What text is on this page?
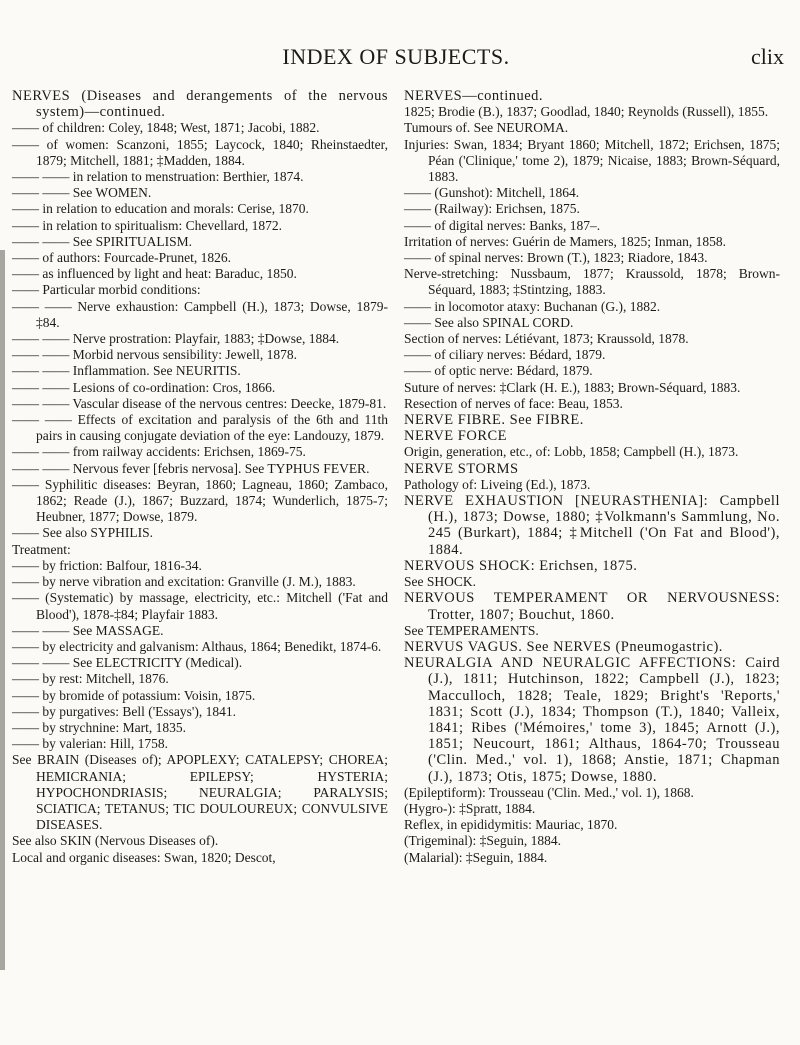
INDEX OF SUBJECTS.	clix

NERVES (Diseases and derangements of the nervous system)—continued.

—— of children: Coley, 1848; West, 1871; Jacobi, 1882.

—— of women: Scanzoni, 1855; Laycock, 1840; Rheinstaedter, 1879; Mitchell, 1881; ‡Madden, 1884.

—— —— in relation to menstruation: Berthier, 1874.

—— —— See WOMEN.

—— in relation to education and morals: Cerise, 1870.

—— in relation to spiritualism: Chevellard, 1872.

—— —— See SPIRITUALISM.

—— of authors: Fourcade-Prunet, 1826.

—— as influenced by light and heat: Baraduc, 1850.

—— Particular morbid conditions:

—— —— Nerve exhaustion: Campbell (H.), 1873; Dowse, 1879-‡84.

—— —— Nerve prostration: Playfair, 1883; ‡Dowse, 1884.

—— —— Morbid nervous sensibility: Jewell, 1878.

—— —— Inflammation. See NEURITIS.

—— —— Lesions of co-ordination: Cros, 1866.

—— —— Vascular disease of the nervous centres: Deecke, 1879-81.

—— —— Effects of excitation and paralysis of the 6th and 11th pairs in causing conjugate deviation of the eye: Landouzy, 1879.

—— —— from railway accidents: Erichsen, 1869-75.

—— —— Nervous fever [febris nervosa]. See TYPHUS FEVER.

—— Syphilitic diseases: Beyran, 1860; Lagneau, 1860; Zambaco, 1862; Reade (J.), 1867; Buzzard, 1874; Wunderlich, 1875-7; Heubner, 1877; Dowse, 1879.

—— See also SYPHILIS.

Treatment:

—— by friction: Balfour, 1816-34.

—— by nerve vibration and excitation: Granville (J. M.), 1883.

—— (Systematic) by massage, electricity, etc.: Mitchell ('Fat and Blood'), 1878-‡84; Playfair 1883.

—— —— See MASSAGE.

—— by electricity and galvanism: Althaus, 1864; Benedikt, 1874-6.

—— —— See ELECTRICITY (Medical).

—— by rest: Mitchell, 1876.

—— by bromide of potassium: Voisin, 1875.

—— by purgatives: Bell ('Essays'), 1841.

—— by strychnine: Mart, 1835.

—— by valerian: Hill, 1758.

See BRAIN (Diseases of); APOPLEXY; CATALEPSY; CHOREA; HEMICRANIA; EPILEPSY; HYSTERIA; HYPOCHONDRIASIS; NEURALGIA; PARALYSIS; SCIATICA; TETANUS; TIC DOULOUREUX; CONVULSIVE DISEASES.

See also SKIN (Nervous Diseases of).

Local and organic diseases: Swan, 1820; Descot,

NERVES—continued.

1825; Brodie (B.), 1837; Goodlad, 1840; Reynolds (Russell), 1855.

Tumours of. See NEUROMA.

Injuries: Swan, 1834; Bryant 1860; Mitchell, 1872; Erichsen, 1875; Péan ('Clinique,' tome 2), 1879; Nicaise, 1883; Brown-Séquard, 1883.

—— (Gunshot): Mitchell, 1864.

—— (Railway): Erichsen, 1875.

—— of digital nerves: Banks, 187–.

Irritation of nerves: Guérin de Mamers, 1825; Inman, 1858.

—— of spinal nerves: Brown (T.), 1823; Riadore, 1843.

Nerve-stretching: Nussbaum, 1877; Kraussold, 1878; Brown-Séquard, 1883; ‡Stintzing, 1883.

—— in locomotor ataxy: Buchanan (G.), 1882.

—— See also SPINAL CORD.

Section of nerves: Létiévant, 1873; Kraussold, 1878.

—— of ciliary nerves: Bédard, 1879.

—— of optic nerve: Bédard, 1879.

Suture of nerves: ‡Clark (H. E.), 1883; Brown-Séquard, 1883.

Resection of nerves of face: Beau, 1853.

NERVE FIBRE. See FIBRE.

NERVE FORCE

Origin, generation, etc., of: Lobb, 1858; Campbell (H.), 1873.

NERVE STORMS

Pathology of: Liveing (Ed.), 1873.

NERVE EXHAUSTION [NEURASTHENIA]: Campbell (H.), 1873; Dowse, 1880; ‡Volkmann's Sammlung, No. 245 (Burkart), 1884; ‡Mitchell ('On Fat and Blood'), 1884.

NERVOUS SHOCK: Erichsen, 1875.

See SHOCK.

NERVOUS TEMPERAMENT OR NERVOUSNESS: Trotter, 1807; Bouchut, 1860.

See TEMPERAMENTS.

NERVUS VAGUS. See NERVES (Pneumogastric).

NEURALGIA AND NEURALGIC AFFECTIONS: Caird (J.), 1811; Hutchinson, 1822; Campbell (J.), 1823; Macculloch, 1828; Teale, 1829; Bright's 'Reports,' 1831; Scott (J.), 1834; Thompson (T.), 1840; Valleix, 1841; Ribes ('Mémoires,' tome 3), 1845; Arnott (J.), 1851; Neucourt, 1861; Althaus, 1864-70; Trousseau ('Clin. Med.,' vol. 1), 1868; Anstie, 1871; Chapman (J.), 1873; Otis, 1875; Dowse, 1880.

(Epileptiform): Trousseau ('Clin. Med.,' vol. 1), 1868.

(Hygro-): ‡Spratt, 1884.

Reflex, in epididymitis: Mauriac, 1870.

(Trigeminal): ‡Seguin, 1884.

(Malarial): ‡Seguin, 1884.
